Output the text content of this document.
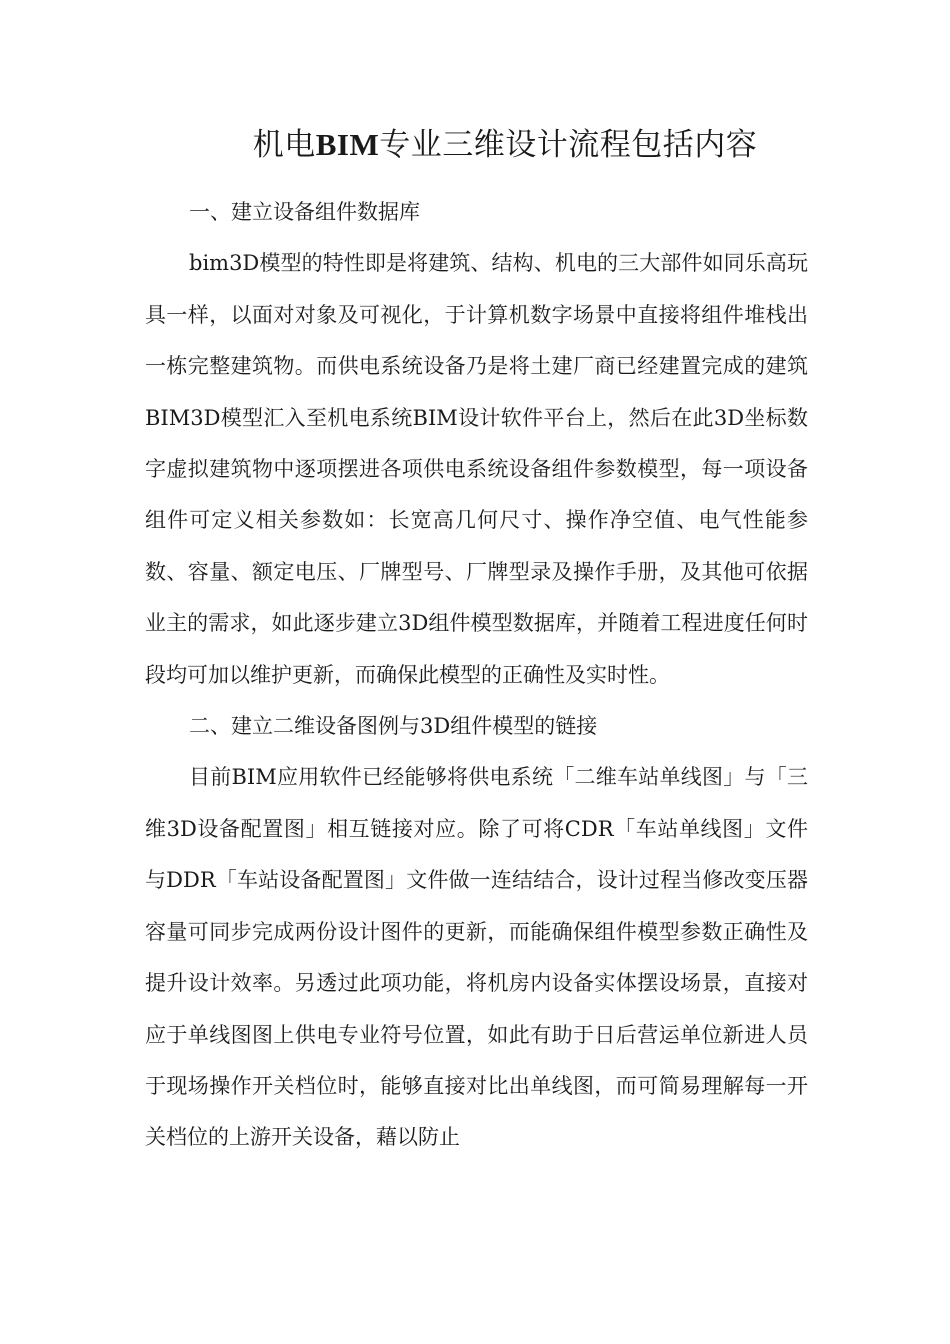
机电BIM专业三维设计流程包括内容

一、建立设备组件数据库

bim3D模型的特性即是将建筑、结构、机电的三大部件如同乐高玩具一样，以面对对象及可视化，于计算机数字场景中直接将组件堆栈出一栋完整建筑物。而供电系统设备乃是将土建厂商已经建置完成的建筑BIM3D模型汇入至机电系统BIM设计软件平台上，然后在此3D坐标数字虚拟建筑物中逐项摆进各项供电系统设备组件参数模型，每一项设备组件可定义相关参数如：长宽高几何尺寸、操作净空值、电气性能参数、容量、额定电压、厂牌型号、厂牌型录及操作手册，及其他可依据业主的需求，如此逐步建立3D组件模型数据库，并随着工程进度任何时段均可加以维护更新，而确保此模型的正确性及实时性。

二、建立二维设备图例与3D组件模型的链接

目前BIM应用软件已经能够将供电系统「二维车站单线图」与「三维3D设备配置图」相互链接对应。除了可将CDR「车站单线图」文件与DDR「车站设备配置图」文件做一连结结合，设计过程当修改变压器容量可同步完成两份设计图件的更新，而能确保组件模型参数正确性及提升设计效率。另透过此项功能，将机房内设备实体摆设场景，直接对应于单线图图上供电专业符号位置，如此有助于日后营运单位新进人员于现场操作开关档位时，能够直接对比出单线图，而可简易理解每一开关档位的上游开关设备，藉以防止
